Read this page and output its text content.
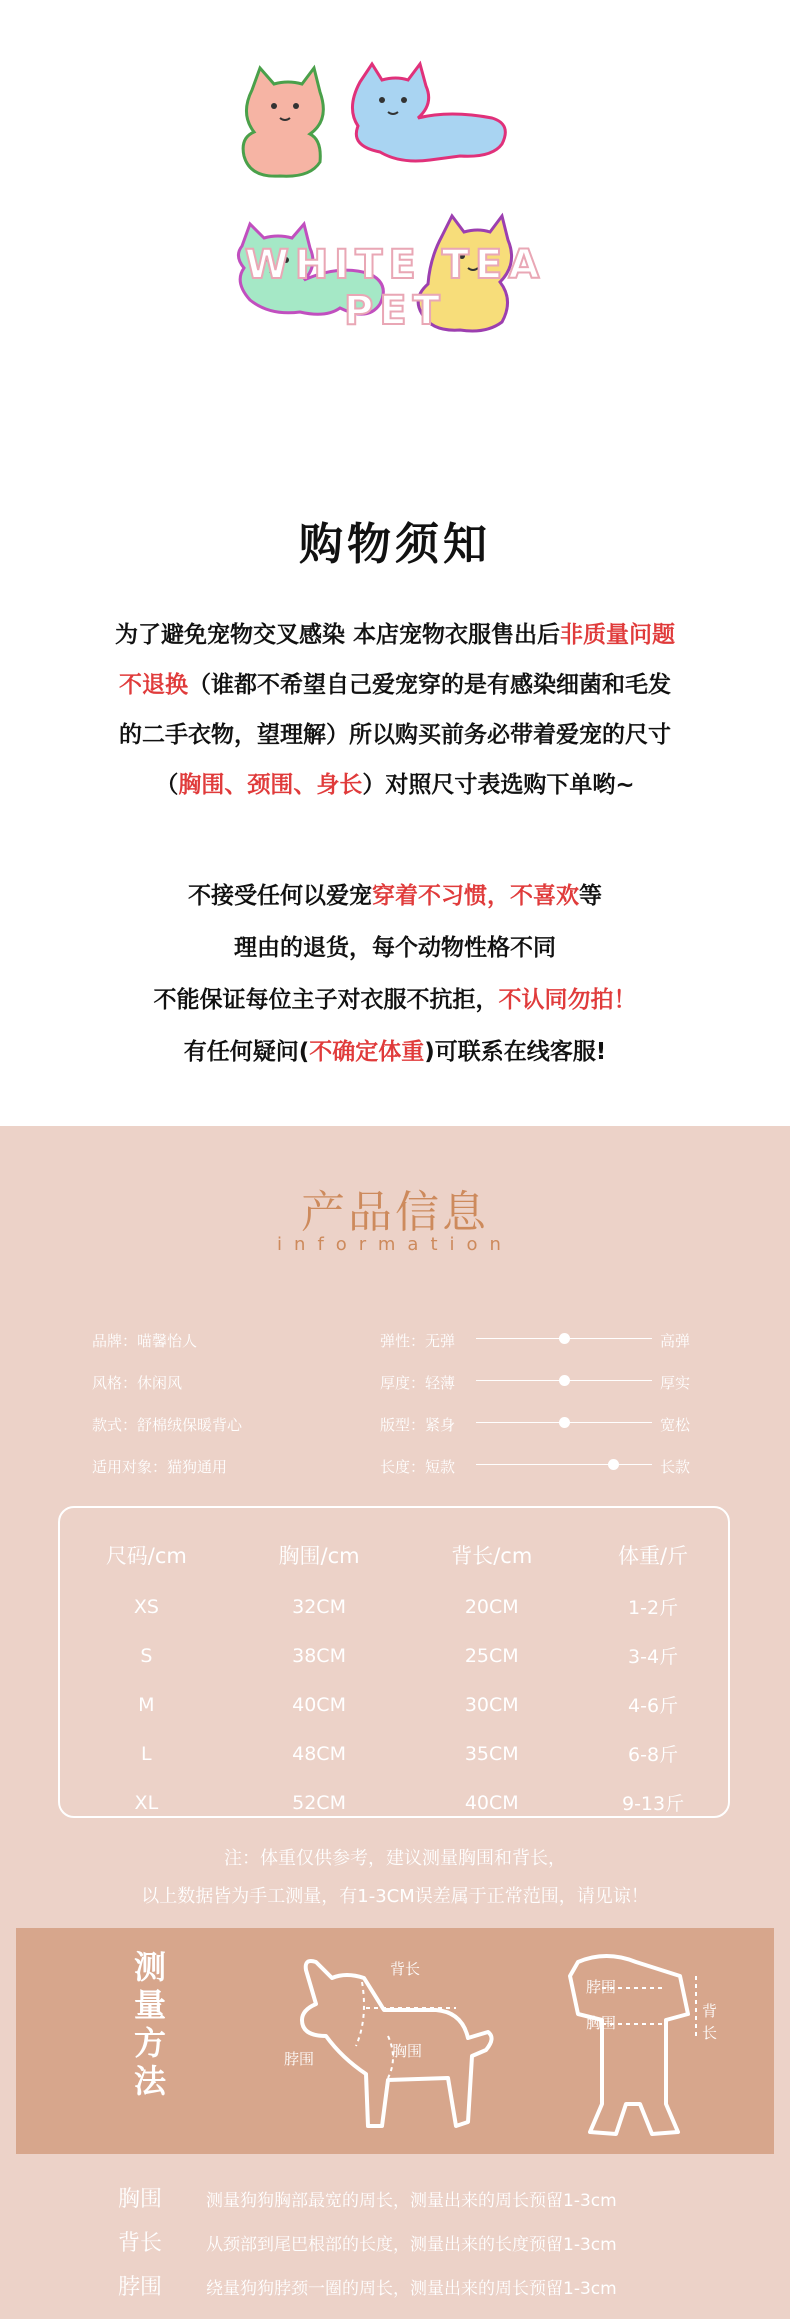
WHITE TEA
PET
购物须知

为了避免宠物交叉感染 本店宠物衣服售出后非质量问题

不退换（谁都不希望自己爱宠穿的是有感染细菌和毛发

的二手衣物，望理解）所以购买前务必带着爱宠的尺寸

（胸围、颈围、身长）对照尺寸表选购下单哟~

不接受任何以爱宠穿着不习惯，不喜欢等

理由的退货，每个动物性格不同

不能保证每位主子对衣服不抗拒，不认同勿拍！

有任何疑问(不确定体重)可联系在线客服!

产品信息
information
品牌：喵馨怡人
风格：休闲风
款式：舒棉绒保暖背心
适用对象：猫狗通用
弹性：无弹	高弹
厚度：轻薄	厚实
版型：紧身	宽松
长度：短款	长款
尺码/cm	胸围/cm	背长/cm	体重/斤
XS	32CM	20CM	1-2斤
S	38CM	25CM	3-4斤
M	40CM	30CM	4-6斤
L	48CM	35CM	6-8斤
XL	52CM	40CM	9-13斤
注：体重仅供参考，建议测量胸围和背长，
以上数据皆为手工测量，有1-3CM误差属于正常范围，请见谅！
测量方法
背长
脖围	胸围
脖围
胸围
背长
胸围	测量狗狗胸部最宽的周长，测量出来的周长预留1-3cm
背长	从颈部到尾巴根部的长度，测量出来的长度预留1-3cm
脖围	绕量狗狗脖颈一圈的周长，测量出来的周长预留1-3cm
